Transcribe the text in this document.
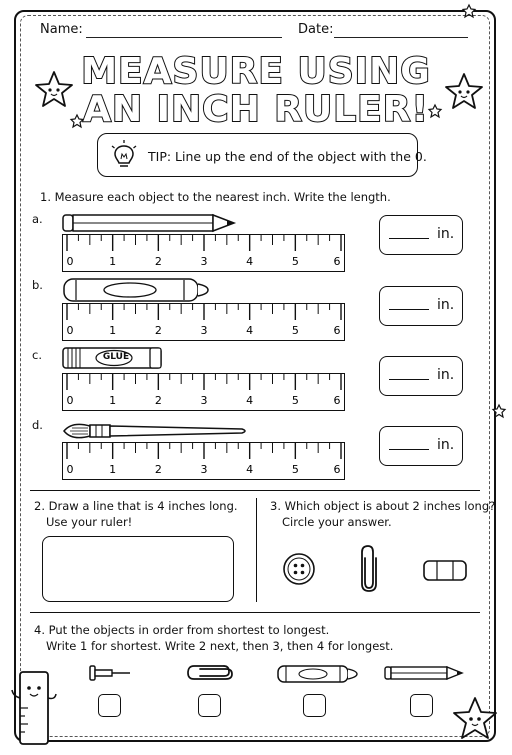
Name:	Date:
MEASURE USING
AN INCH RULER!
TIP: Line up the end of the object with the 0.
1. Measure each object to the nearest inch. Write the length.
a.
b.
c.
d.
GLUE
0	1	2	3	4	5	6
0	1	2	3	4	5	6
0	1	2	3	4	5	6
0	1	2	3	4	5	6
in.
in.
in.
in.
2. Draw a line that is 4 inches long.
Use your ruler!
3. Which object is about 2 inches long?
Circle your answer.
4. Put the objects in order from shortest to longest.
Write 1 for shortest. Write 2 next, then 3, then 4 for longest.
